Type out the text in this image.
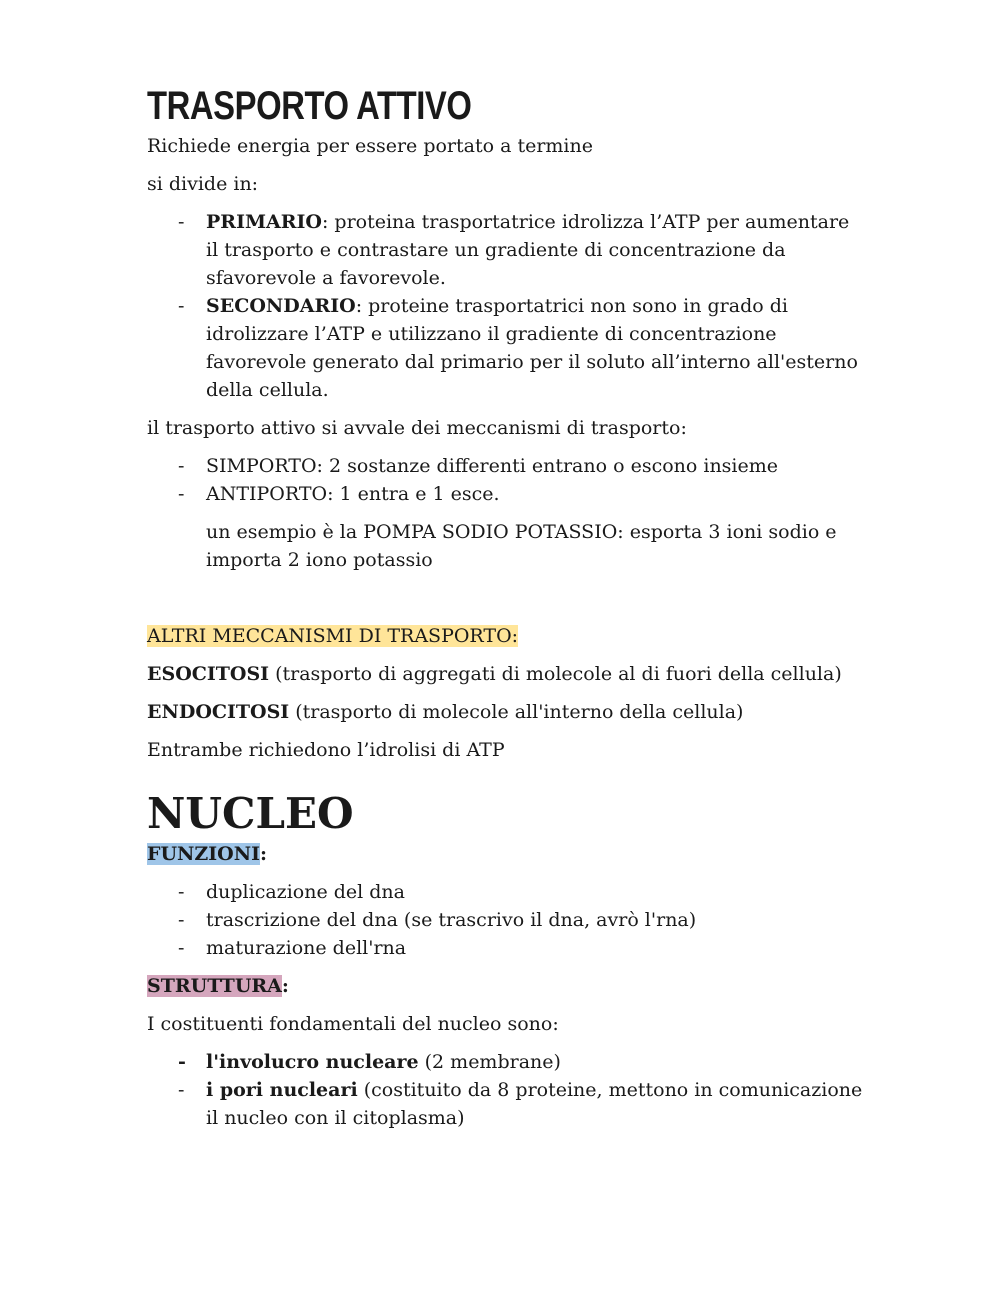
TRASPORTO ATTIVO

Richiede energia per essere portato a termine

si divide in:

- PRIMARIO: proteina trasportatrice idrolizza l’ATP per aumentare il trasporto e contrastare un gradiente di concentrazione da sfavorevole a favorevole.
- SECONDARIO: proteine trasportatrici non sono in grado di idrolizzare l’ATP e utilizzano il gradiente di concentrazione favorevole generato dal primario per il soluto all’interno all'esterno della cellula.

il trasporto attivo si avvale dei meccanismi di trasporto:

- SIMPORTO: 2 sostanze differenti entrano o escono insieme
- ANTIPORTO: 1 entra e 1 esce.

un esempio è la POMPA SODIO POTASSIO: esporta 3 ioni sodio e importa 2 iono potassio

ALTRI MECCANISMI DI TRASPORTO:

ESOCITOSI (trasporto di aggregati di molecole al di fuori della cellula)

ENDOCITOSI (trasporto di molecole all'interno della cellula)

Entrambe richiedono l’idrolisi di ATP

NUCLEO

FUNZIONI:

- duplicazione del dna
- trascrizione del dna (se trascrivo il dna, avrò l'rna)
- maturazione dell'rna

STRUTTURA:

I costituenti fondamentali del nucleo sono:

- l'involucro nucleare (2 membrane)
- i pori nucleari (costituito da 8 proteine, mettono in comunicazione il nucleo con il citoplasma)
